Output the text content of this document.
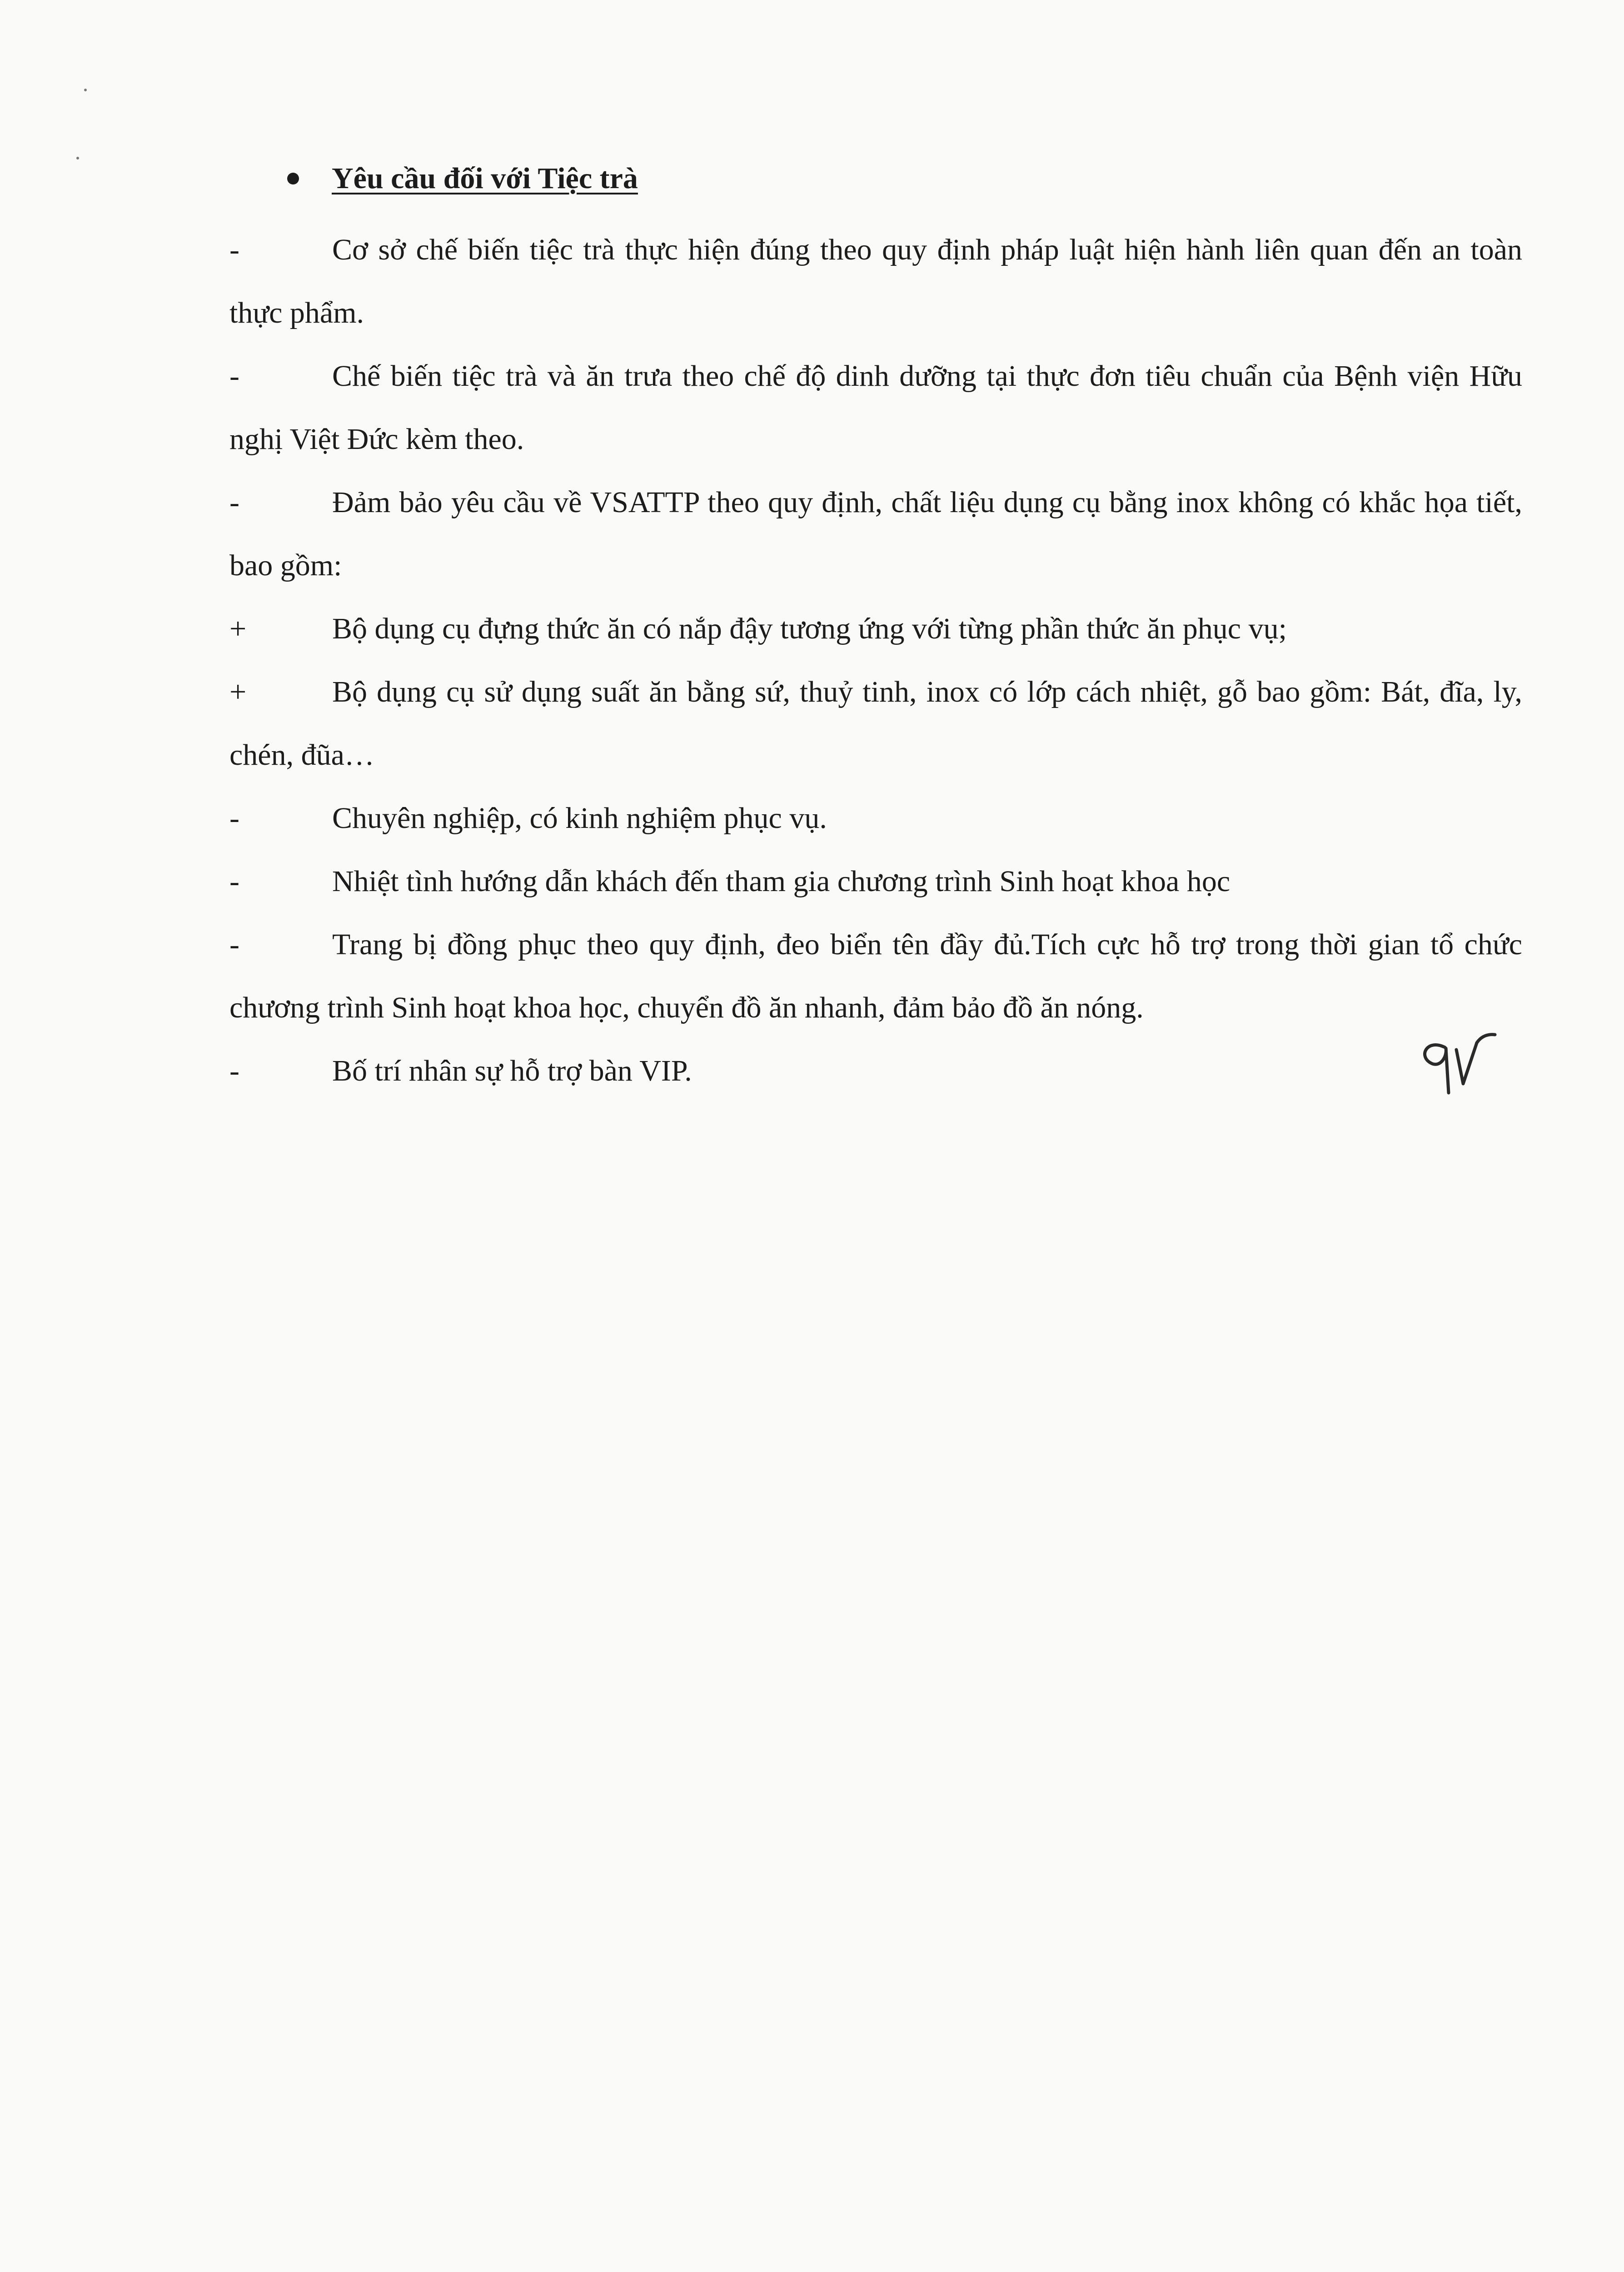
Yêu cầu đối với Tiệc trà

-	Cơ sở chế biến tiệc trà thực hiện đúng theo quy định pháp luật hiện hành liên quan đến an toàn thực phẩm.

-	Chế biến tiệc trà và ăn trưa theo chế độ dinh dưỡng tại thực đơn tiêu chuẩn của Bệnh viện Hữu nghị Việt Đức kèm theo.

-	Đảm bảo yêu cầu về VSATTP theo quy định, chất liệu dụng cụ bằng inox không có khắc họa tiết, bao gồm:

+	Bộ dụng cụ đựng thức ăn có nắp đậy tương ứng với từng phần thức ăn phục vụ;

+	Bộ dụng cụ sử dụng suất ăn bằng sứ, thuỷ tinh, inox có lớp cách nhiệt, gỗ bao gồm: Bát, đĩa, ly, chén, đũa…

-	Chuyên nghiệp, có kinh nghiệm phục vụ.

-	Nhiệt tình hướng dẫn khách đến tham gia chương trình Sinh hoạt khoa học

-	Trang bị đồng phục theo quy định, đeo biển tên đầy đủ.Tích cực hỗ trợ trong thời gian tổ chức chương trình Sinh hoạt khoa học, chuyển đồ ăn nhanh, đảm bảo đồ ăn nóng.

-	Bố trí nhân sự hỗ trợ bàn VIP.
